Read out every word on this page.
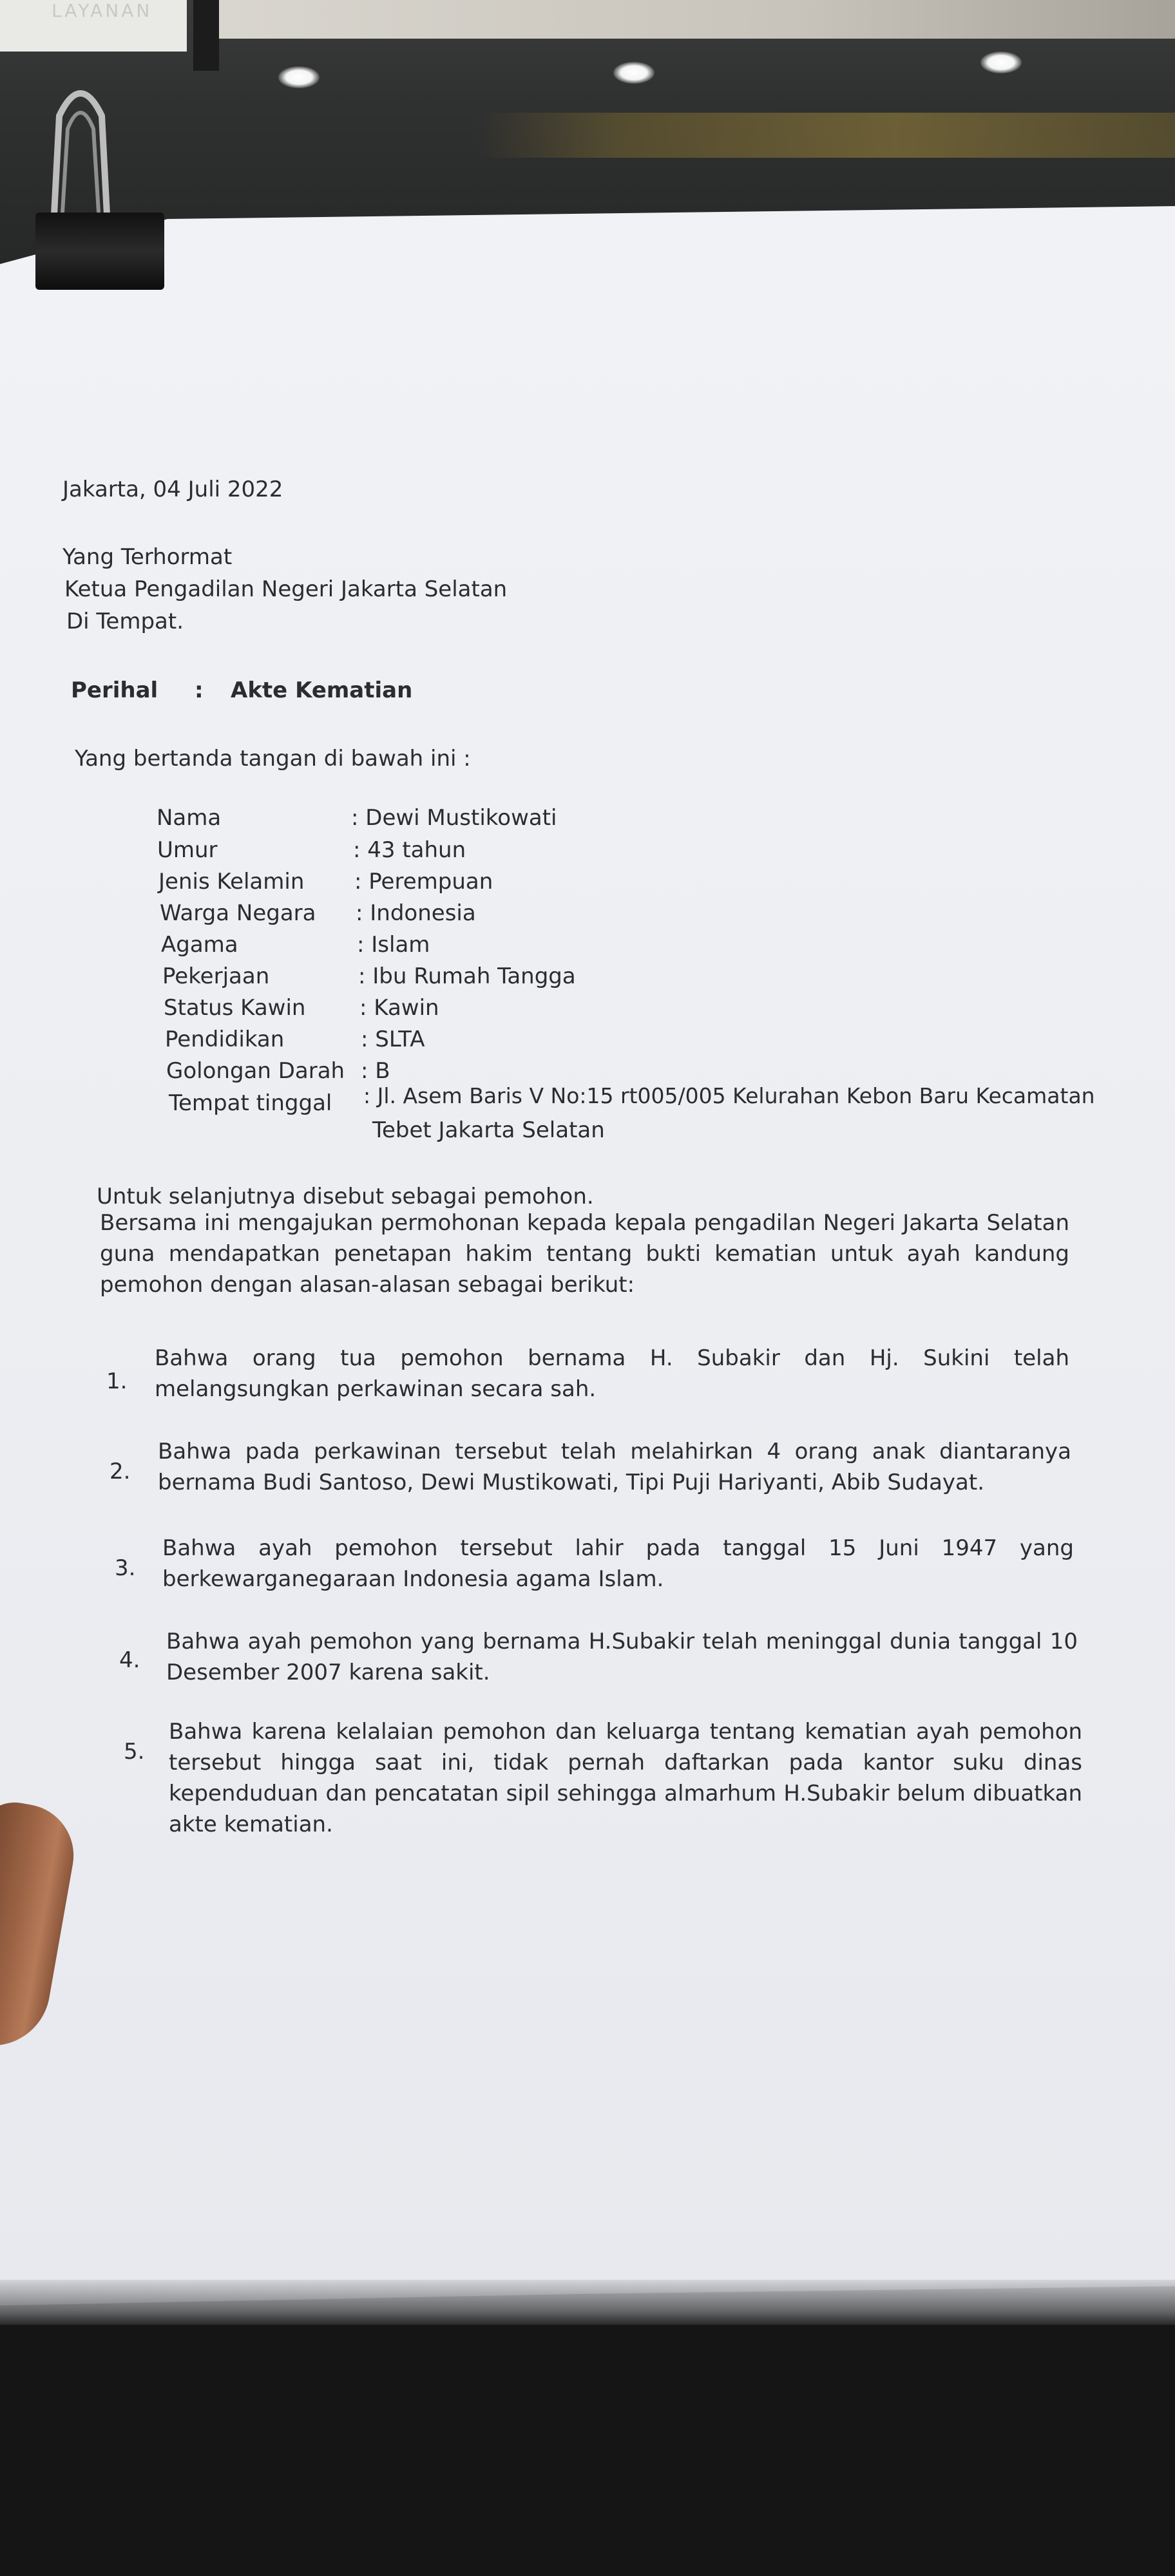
LAYANAN
Jakarta, 04 Juli 2022
Yang Terhormat
Ketua Pengadilan Negeri Jakarta Selatan
Di Tempat.
Perihal : Akte Kematian
Yang bertanda tangan di bawah ini :
Nama	: Dewi Mustikowati
Umur	: 43 tahun
Jenis Kelamin : Perempuan
Warga Negara : Indonesia
Agama	: Islam
Pekerjaan	: Ibu Rumah Tangga
Status Kawin : Kawin
Pendidikan	: SLTA
Golongan Darah : B
Tempat tinggal : Jl. Asem Baris V No:15 rt005/005 Kelurahan Kebon Baru Kecamatan
Tebet Jakarta Selatan
Untuk selanjutnya disebut sebagai pemohon.
Bersama ini mengajukan permohonan kepada kepala pengadilan Negeri Jakarta Selatan guna mendapatkan penetapan hakim tentang bukti kematian untuk ayah kandung pemohon dengan alasan-alasan sebagai berikut:
1.
Bahwa orang tua pemohon bernama H. Subakir dan Hj. Sukini telah melangsungkan perkawinan secara sah.
2.
Bahwa pada perkawinan tersebut telah melahirkan 4 orang anak diantaranya bernama Budi Santoso, Dewi Mustikowati, Tipi Puji Hariyanti, Abib Sudayat.
3.
Bahwa ayah pemohon tersebut lahir pada tanggal 15 Juni 1947 yang berkewarganegaraan Indonesia agama Islam.
4.
Bahwa ayah pemohon yang bernama H.Subakir telah meninggal dunia tanggal 10 Desember 2007 karena sakit.
5.
Bahwa karena kelalaian pemohon dan keluarga tentang kematian ayah pemohon tersebut hingga saat ini, tidak pernah daftarkan pada kantor suku dinas kependuduan dan pencatatan sipil sehingga almarhum H.Subakir belum dibuatkan akte kematian.
